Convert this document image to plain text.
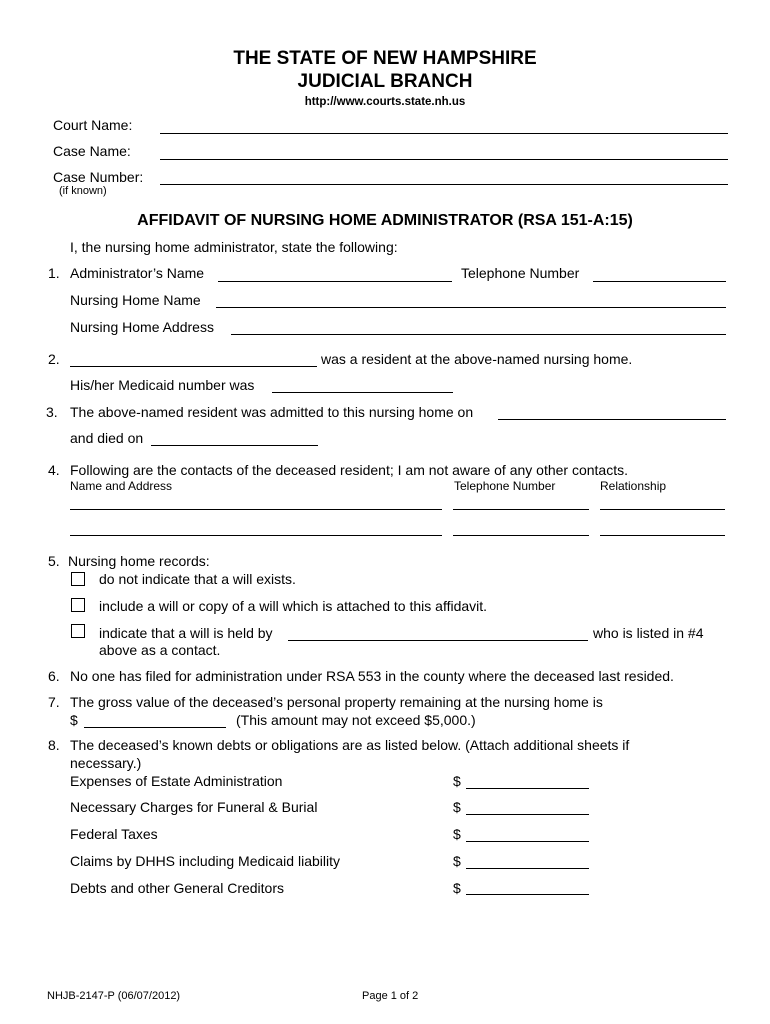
THE STATE OF NEW HAMPSHIRE
JUDICIAL BRANCH
http://www.courts.state.nh.us
Court Name:
Case Name:
Case Number:
(if known)
AFFIDAVIT OF NURSING HOME ADMINISTRATOR (RSA 151-A:15)
I, the nursing home administrator, state the following:
1. Administrator’s Name	Telephone Number
Nursing Home Name
Nursing Home Address
2.	was a resident at the above-named nursing home.
His/her Medicaid number was
3. The above-named resident was admitted to this nursing home on
and died on
4. Following are the contacts of the deceased resident; I am not aware of any other contacts.
Name and Address	Telephone Number	Relationship
5. Nursing home records:
do not indicate that a will exists.
include a will or copy of a will which is attached to this affidavit.
indicate that a will is held by	who is listed in #4
above as a contact.
6. No one has filed for administration under RSA 553 in the county where the deceased last resided.
7. The gross value of the deceased’s personal property remaining at the nursing home is
$	(This amount may not exceed $5,000.)
8. The deceased’s known debts or obligations are as listed below. (Attach additional sheets if
necessary.)
Expenses of Estate Administration	$
Necessary Charges for Funeral & Burial	$
Federal Taxes	$
Claims by DHHS including Medicaid liability	$
Debts and other General Creditors	$
NHJB-2147-P (06/07/2012)	Page 1 of 2
